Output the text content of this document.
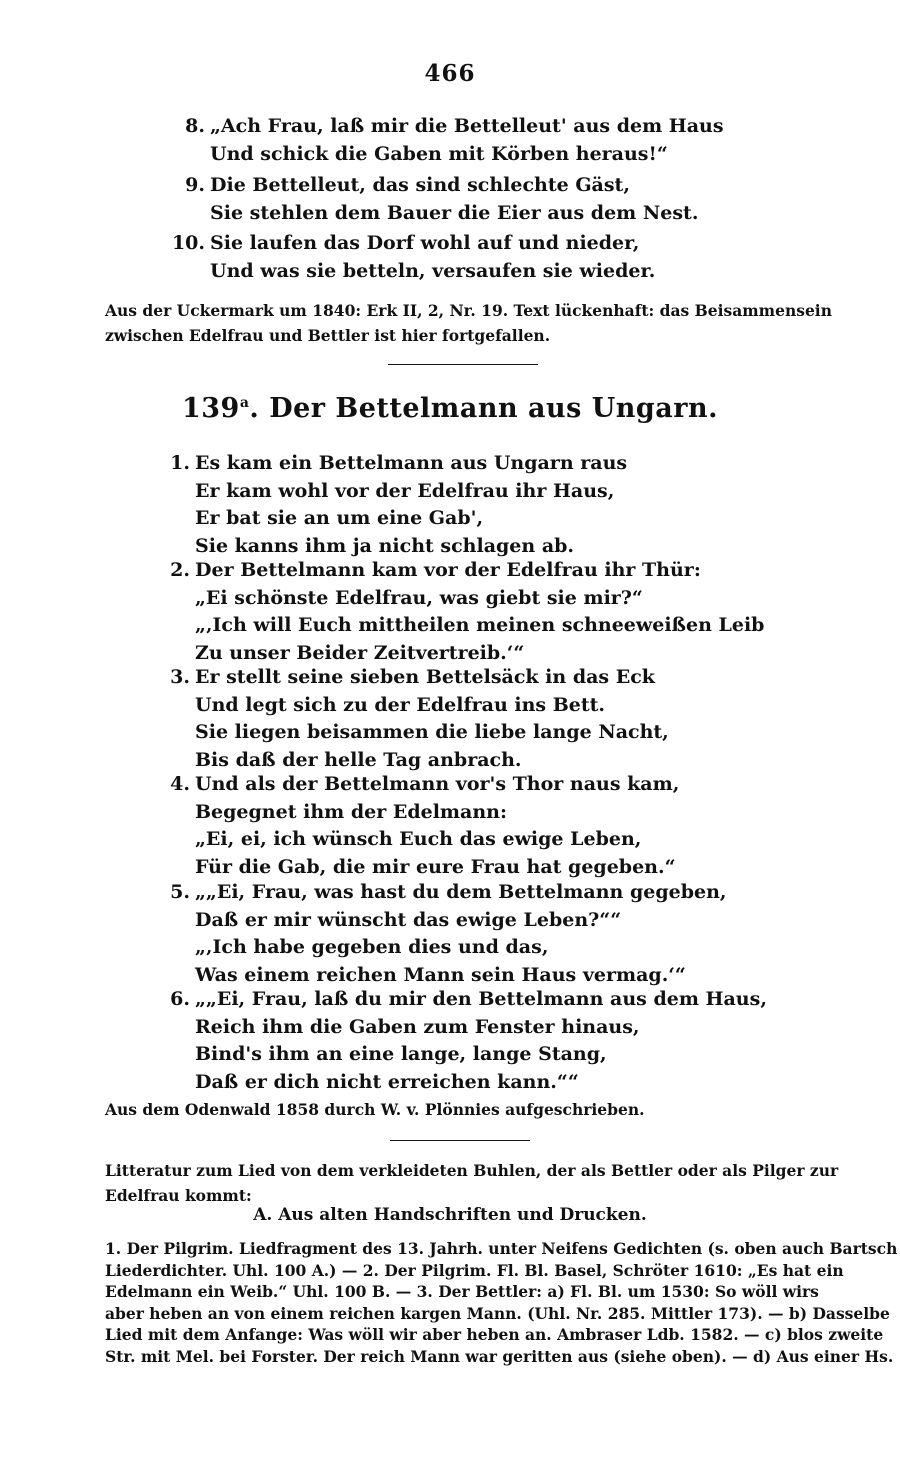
466
8. „Ach Frau, laß mir die Bettelleut' aus dem Haus
Und schick die Gaben mit Körben heraus!“
9. Die Bettelleut, das sind schlechte Gäst,
Sie stehlen dem Bauer die Eier aus dem Nest.
10. Sie laufen das Dorf wohl auf und nieder,
Und was sie betteln, versaufen sie wieder.
Aus der Uckermark um 1840: Erk II, 2, Nr. 19. Text lückenhaft: das Beisammensein
zwischen Edelfrau und Bettler ist hier fortgefallen.
139$^a$. Der Bettelmann aus Ungarn.
1. Es kam ein Bettelmann aus Ungarn raus
Er kam wohl vor der Edelfrau ihr Haus,
Er bat sie an um eine Gab',
Sie kanns ihm ja nicht schlagen ab.
2. Der Bettelmann kam vor der Edelfrau ihr Thür:
„Ei schönste Edelfrau, was giebt sie mir?“
„‚Ich will Euch mittheilen meinen schneeweißen Leib
Zu unser Beider Zeitvertreib.‘“
3. Er stellt seine sieben Bettelsäck in das Eck
Und legt sich zu der Edelfrau ins Bett.
Sie liegen beisammen die liebe lange Nacht,
Bis daß der helle Tag anbrach.
4. Und als der Bettelmann vor's Thor naus kam,
Begegnet ihm der Edelmann:
„Ei, ei, ich wünsch Euch das ewige Leben,
Für die Gab, die mir eure Frau hat gegeben.“
5. „„Ei, Frau, was hast du dem Bettelmann gegeben,
Daß er mir wünscht das ewige Leben?““
„‚Ich habe gegeben dies und das,
Was einem reichen Mann sein Haus vermag.‘“
6. „„Ei, Frau, laß du mir den Bettelmann aus dem Haus,
Reich ihm die Gaben zum Fenster hinaus,
Bind's ihm an eine lange, lange Stang,
Daß er dich nicht erreichen kann.““
Aus dem Odenwald 1858 durch W. v. Plönnies aufgeschrieben.
Litteratur zum Lied von dem verkleideten Buhlen, der als Bettler oder als Pilger zur
Edelfrau kommt:
A. Aus alten Handschriften und Drucken.
1. Der Pilgrim. Liedfragment des 13. Jahrh. unter Neifens Gedichten (s. oben auch Bartsch
Liederdichter. Uhl. 100 A.) — 2. Der Pilgrim. Fl. Bl. Basel, Schröter 1610: „Es hat ein
Edelmann ein Weib.“ Uhl. 100 B. — 3. Der Bettler: a) Fl. Bl. um 1530: So wöll wirs
aber heben an von einem reichen kargen Mann. (Uhl. Nr. 285. Mittler 173). — b) Dasselbe
Lied mit dem Anfange: Was wöll wir aber heben an. Ambraser Ldb. 1582. — c) blos zweite
Str. mit Mel. bei Forster. Der reich Mann war geritten aus (siehe oben). — d) Aus einer Hs.
